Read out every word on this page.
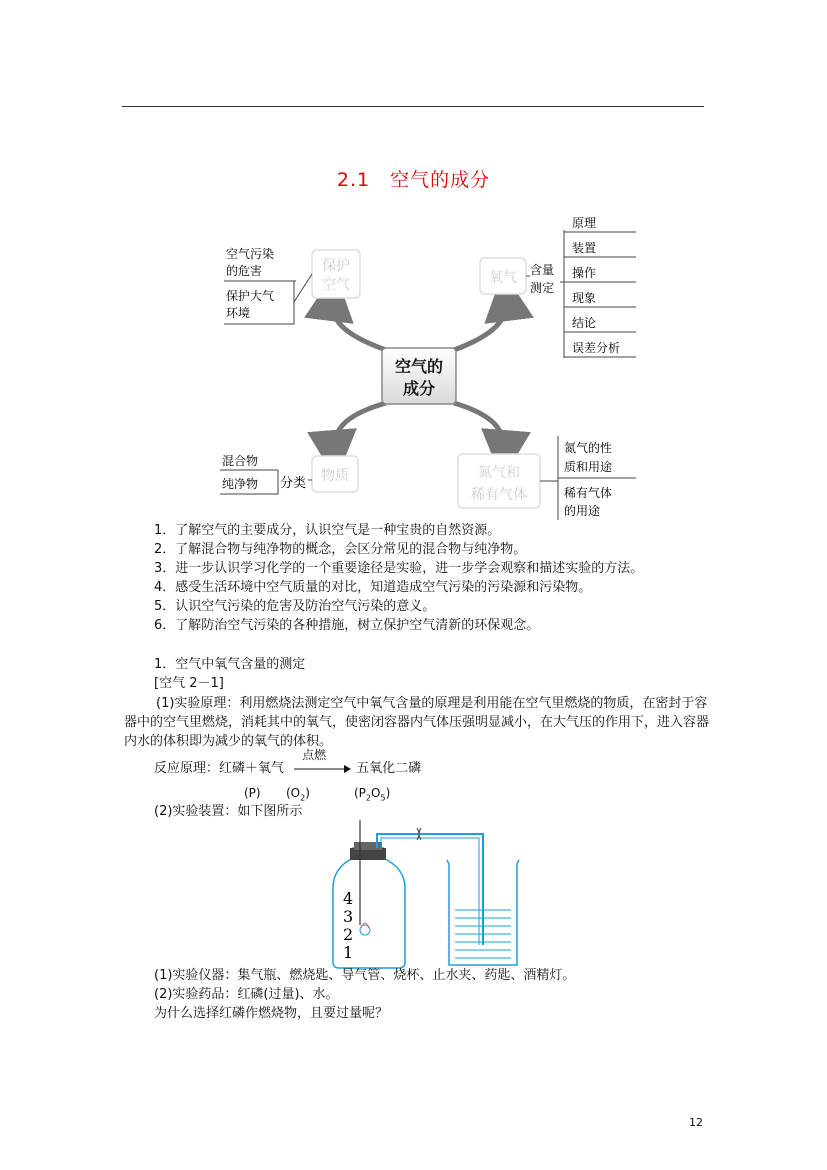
2.1　空气的成分
空气的
成分
保护
空气
空气污染
的危害
保护大气
环境
氧气 含量
测定
原理
装置
操作
现象
结论
误差分析
物质
混合物
纯净物 分类
氮气和
稀有气体
氮气的性
质和用途
稀有气体
的用途
1．了解空气的主要成分，认识空气是一种宝贵的自然资源。
2．了解混合物与纯净物的概念，会区分常见的混合物与纯净物。
3．进一步认识学习化学的一个重要途径是实验，进一步学会观察和描述实验的方法。
4．感受生活环境中空气质量的对比，知道造成空气污染的污染源和污染物。
5．认识空气污染的危害及防治空气污染的意义。
6．了解防治空气污染的各种措施，树立保护空气清新的环保观念。
1．空气中氧气含量的测定
[空气 2－1]
(1)实验原理：利用燃烧法测定空气中氧气含量的原理是利用能在空气里燃烧的物质，在密封于容器中的空气里燃烧，消耗其中的氧气，使密闭容器内气体压强明显减小，在大气压的作用下，进入容器内水的体积即为减少的氧气的体积。
反应原理：红磷＋氧气
点燃
五氧化二磷
(P) $(O_2)$	$(P_2O_5)$
(2)实验装置：如下图所示
4
3
2
1
(1)实验仪器：集气瓶、燃烧匙、导气管、烧杯、止水夹、药匙、酒精灯。
(2)实验药品：红磷(过量)、水。
为什么选择红磷作燃烧物，且要过量呢？
12
